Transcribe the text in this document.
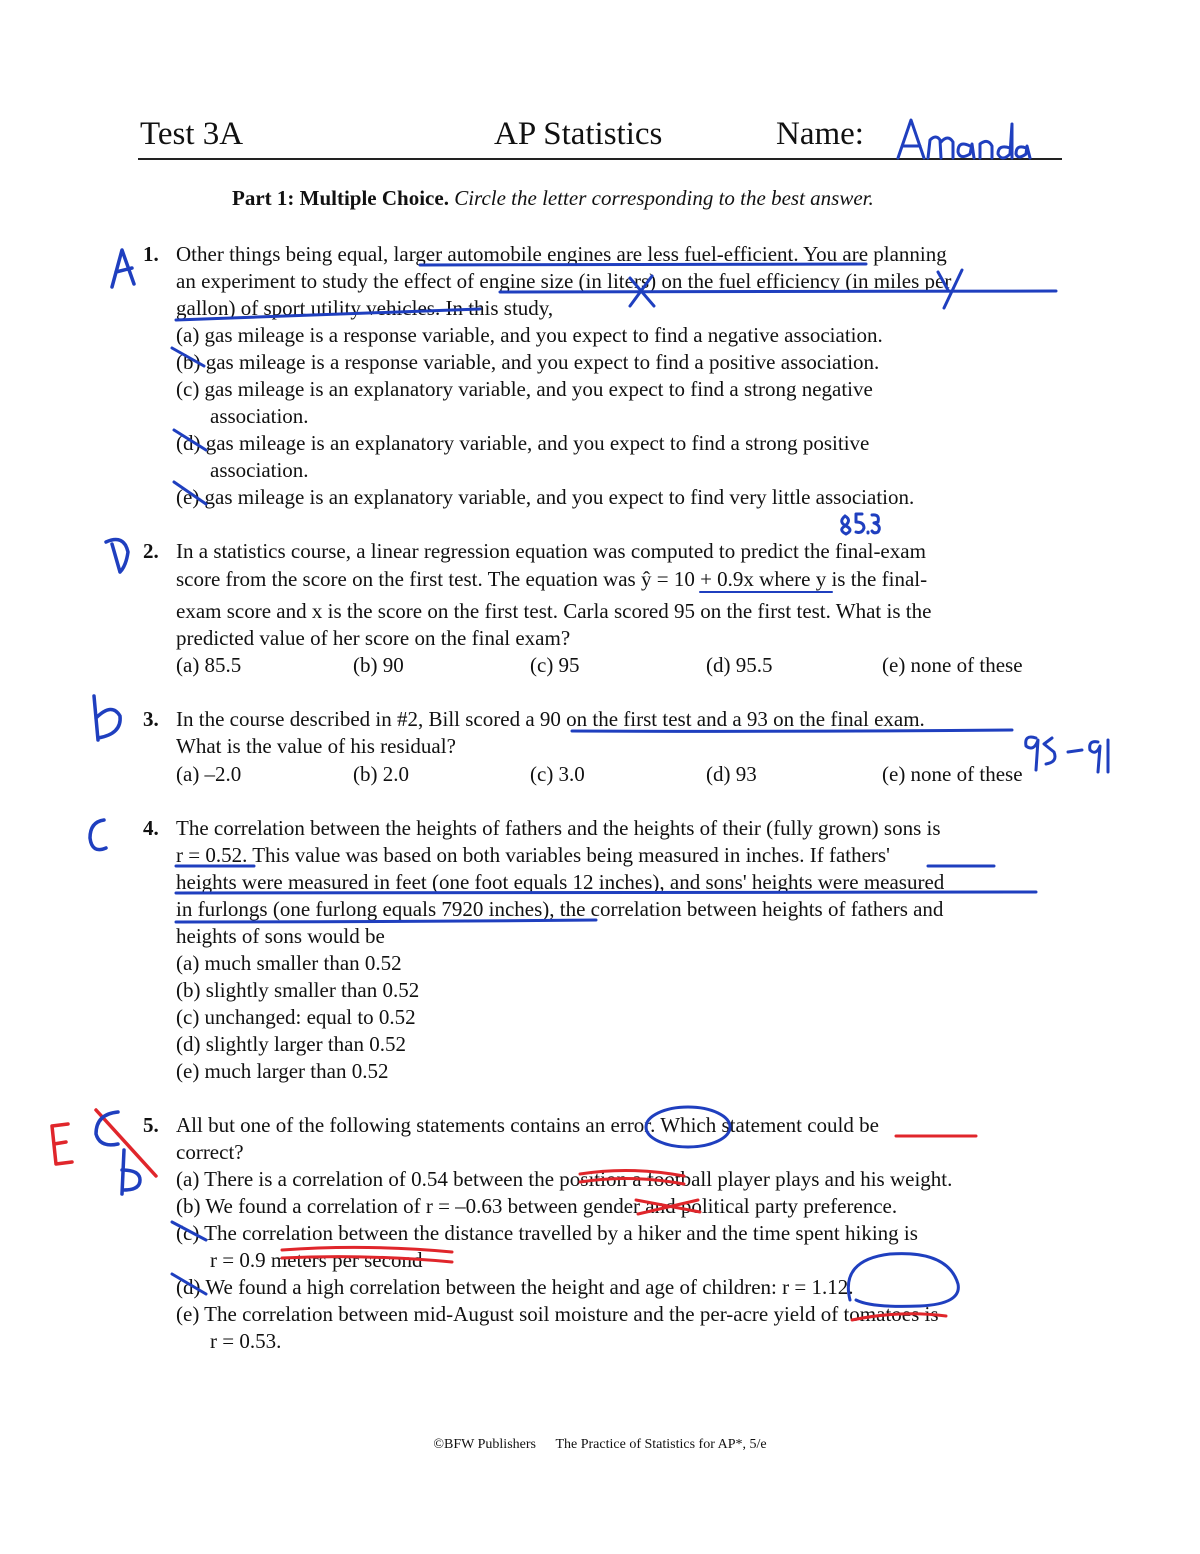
Test 3A	AP Statistics	Name:
Part 1: Multiple Choice. Circle the letter corresponding to the best answer.
1. Other things being equal, larger automobile engines are less fuel-efficient. You are planning
an experiment to study the effect of engine size (in liters) on the fuel efficiency (in miles per
gallon) of sport utility vehicles. In this study,
(a) gas mileage is a response variable, and you expect to find a negative association.
(b) gas mileage is a response variable, and you expect to find a positive association.
(c) gas mileage is an explanatory variable, and you expect to find a strong negative
association.
(d) gas mileage is an explanatory variable, and you expect to find a strong positive
association.
(e) gas mileage is an explanatory variable, and you expect to find very little association.
2. In a statistics course, a linear regression equation was computed to predict the final-exam
score from the score on the first test. The equation was ŷ = 10 + 0.9x where y is the final-
exam score and x is the score on the first test. Carla scored 95 on the first test. What is the
predicted value of her score on the final exam?
(a) 85.5	(b) 90	(c) 95	(d) 95.5	(e) none of these
3. In the course described in #2, Bill scored a 90 on the first test and a 93 on the final exam.
What is the value of his residual?
(a) –2.0	(b) 2.0	(c) 3.0	(d) 93	(e) none of these
4. The correlation between the heights of fathers and the heights of their (fully grown) sons is
r = 0.52. This value was based on both variables being measured in inches. If fathers'
heights were measured in feet (one foot equals 12 inches), and sons' heights were measured
in furlongs (one furlong equals 7920 inches), the correlation between heights of fathers and
heights of sons would be
(a) much smaller than 0.52
(b) slightly smaller than 0.52
(c) unchanged: equal to 0.52
(d) slightly larger than 0.52
(e) much larger than 0.52
5. All but one of the following statements contains an error. Which statement could be
correct?
(a) There is a correlation of 0.54 between the position a football player plays and his weight.
(b) We found a correlation of r = –0.63 between gender and political party preference.
(c) The correlation between the distance travelled by a hiker and the time spent hiking is
r = 0.9 meters per second
(d) We found a high correlation between the height and age of children: r = 1.12.
(e) The correlation between mid-August soil moisture and the per-acre yield of tomatoes is
r = 0.53.
©BFW Publishers The Practice of Statistics for AP*, 5/e
